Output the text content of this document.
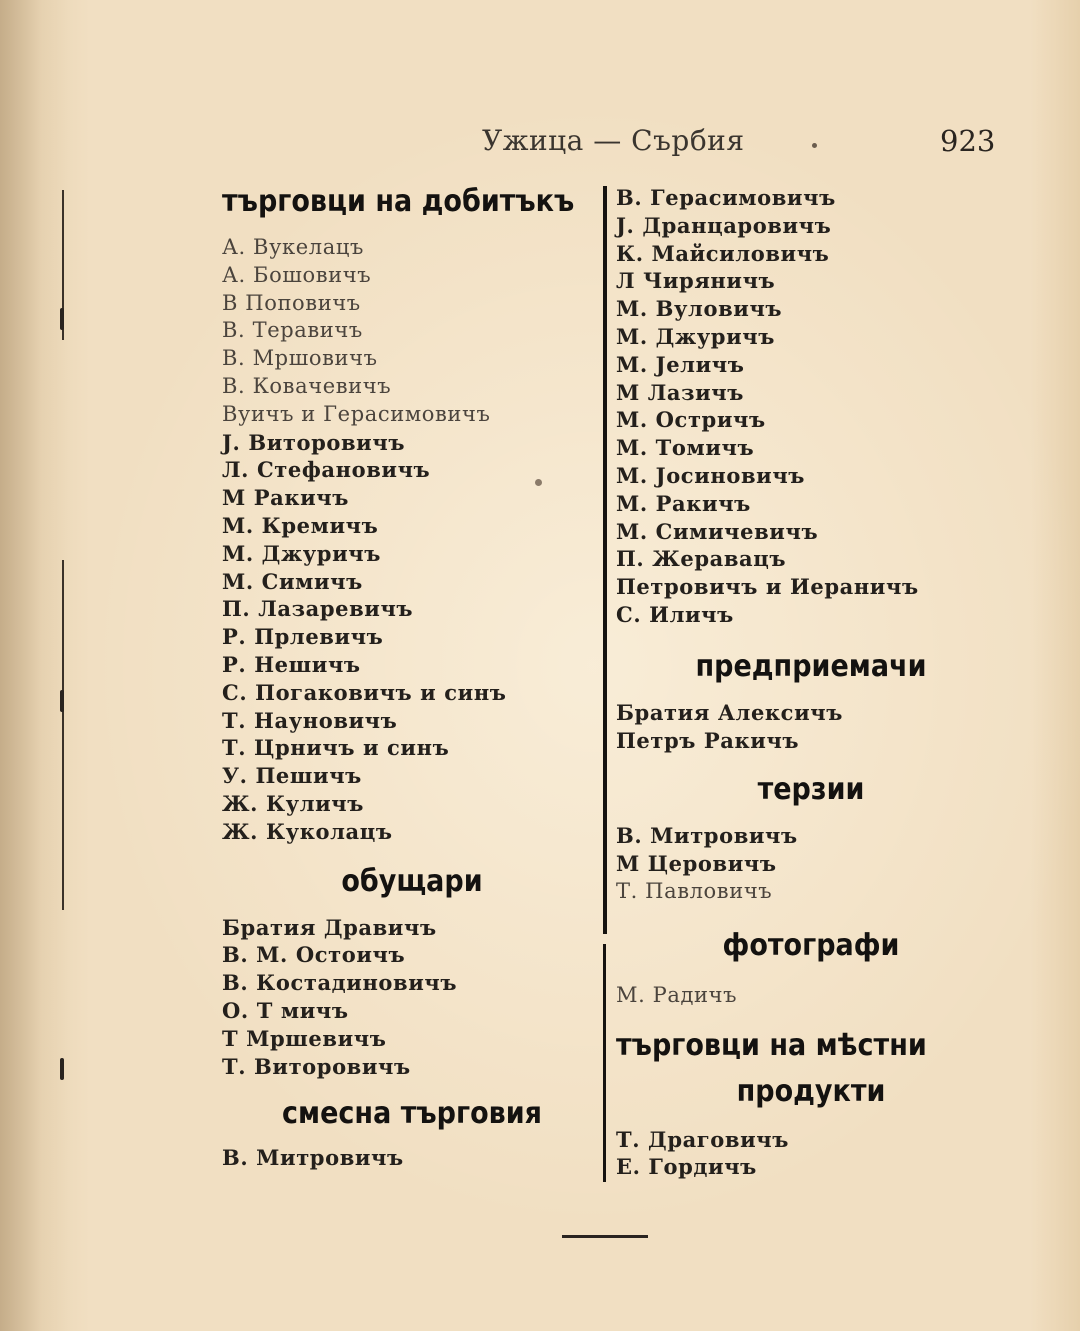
Ужица — Сърбия	923
търговци на добитъкъ
А. Вукелацъ
А. Бошовичъ
В Поповичъ
В. Теравичъ
В. Мршовичъ
В. Ковачевичъ
Вуичъ и Герасимовичъ
Ј. Виторовичъ
Л. Стефановичъ
М Ракичъ
М. Кремичъ
М. Джуричъ
М. Симичъ
П. Лазаревичъ
Р. Прлевичъ
Р. Нешичъ
С. Погаковичъ и синъ
Т. Науновичъ
Т. Црничъ и синъ
У. Пешичъ
Ж. Куличъ
Ж. Куколацъ
обущари
Братия Дравичъ
В. М. Остоичъ
В. Костадиновичъ
О. Т мичъ
Т Мршевичъ
Т. Виторовичъ
смесна търговия
В. Митровичъ
В. Герасимовичъ
Ј. Дранцаровичъ
К. Майсиловичъ
Л Чиряничъ
М. Вуловичъ
М. Джуричъ
М. Јеличъ
М Лазичъ
М. Остричъ
М. Томичъ
М. Јосиновичъ
М. Ракичъ
М. Симичевичъ
П. Жеравацъ
Петровичъ и Иераничъ
С. Иличъ
предприемачи
Братия Алексичъ
Петръ Ракичъ
терзии
В. Митровичъ
М Церовичъ
Т. Павловичъ
фотографи
М. Радичъ
търговци на мѣстни
продукти
Т. Драговичъ
Е. Гордичъ
